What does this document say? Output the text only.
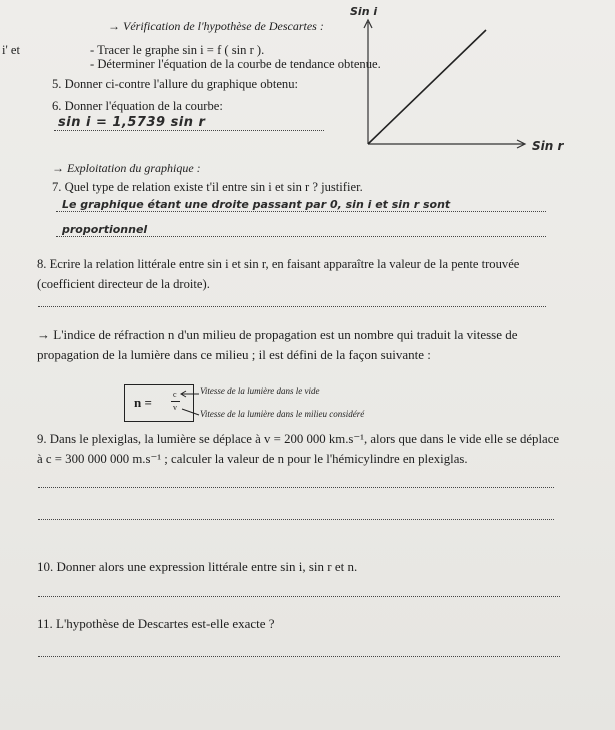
→ Vérification de l'hypothèse de Descartes :
i' et	- Tracer le graphe sin i = f ( sin r ).
- Déterminer l'équation de la courbe de tendance obtenue.
5. Donner ci-contre l'allure du graphique obtenu:
6. Donner l'équation de la courbe:
sin i = 1,5739 sin r
Sin i
Sin r
→ Exploitation du graphique :
7. Quel type de relation existe t'il entre sin i et sin r ? justifier.
Le graphique étant une droite passant par 0, sin i et sin r sont
proportionnel
8. Ecrire la relation littérale entre sin i et sin r, en faisant apparaître la valeur de la pente trouvée
(coefficient directeur de la droite).
→ L'indice de réfraction n d'un milieu de propagation est un nombre qui traduit la vitesse de
propagation de la lumière dans ce milieu ; il est défini de la façon suivante :
n =
c
v
Vitesse de la lumière dans le vide
Vitesse de la lumière dans le milieu considéré
9. Dans le plexiglas, la lumière se déplace à v = 200 000 km.s⁻¹, alors que dans le vide elle se déplace
à c = 300 000 000 m.s⁻¹ ; calculer la valeur de n pour le l'hémicylindre en plexiglas.
10. Donner alors une expression littérale entre sin i, sin r et n.
11. L'hypothèse de Descartes est-elle exacte ?
